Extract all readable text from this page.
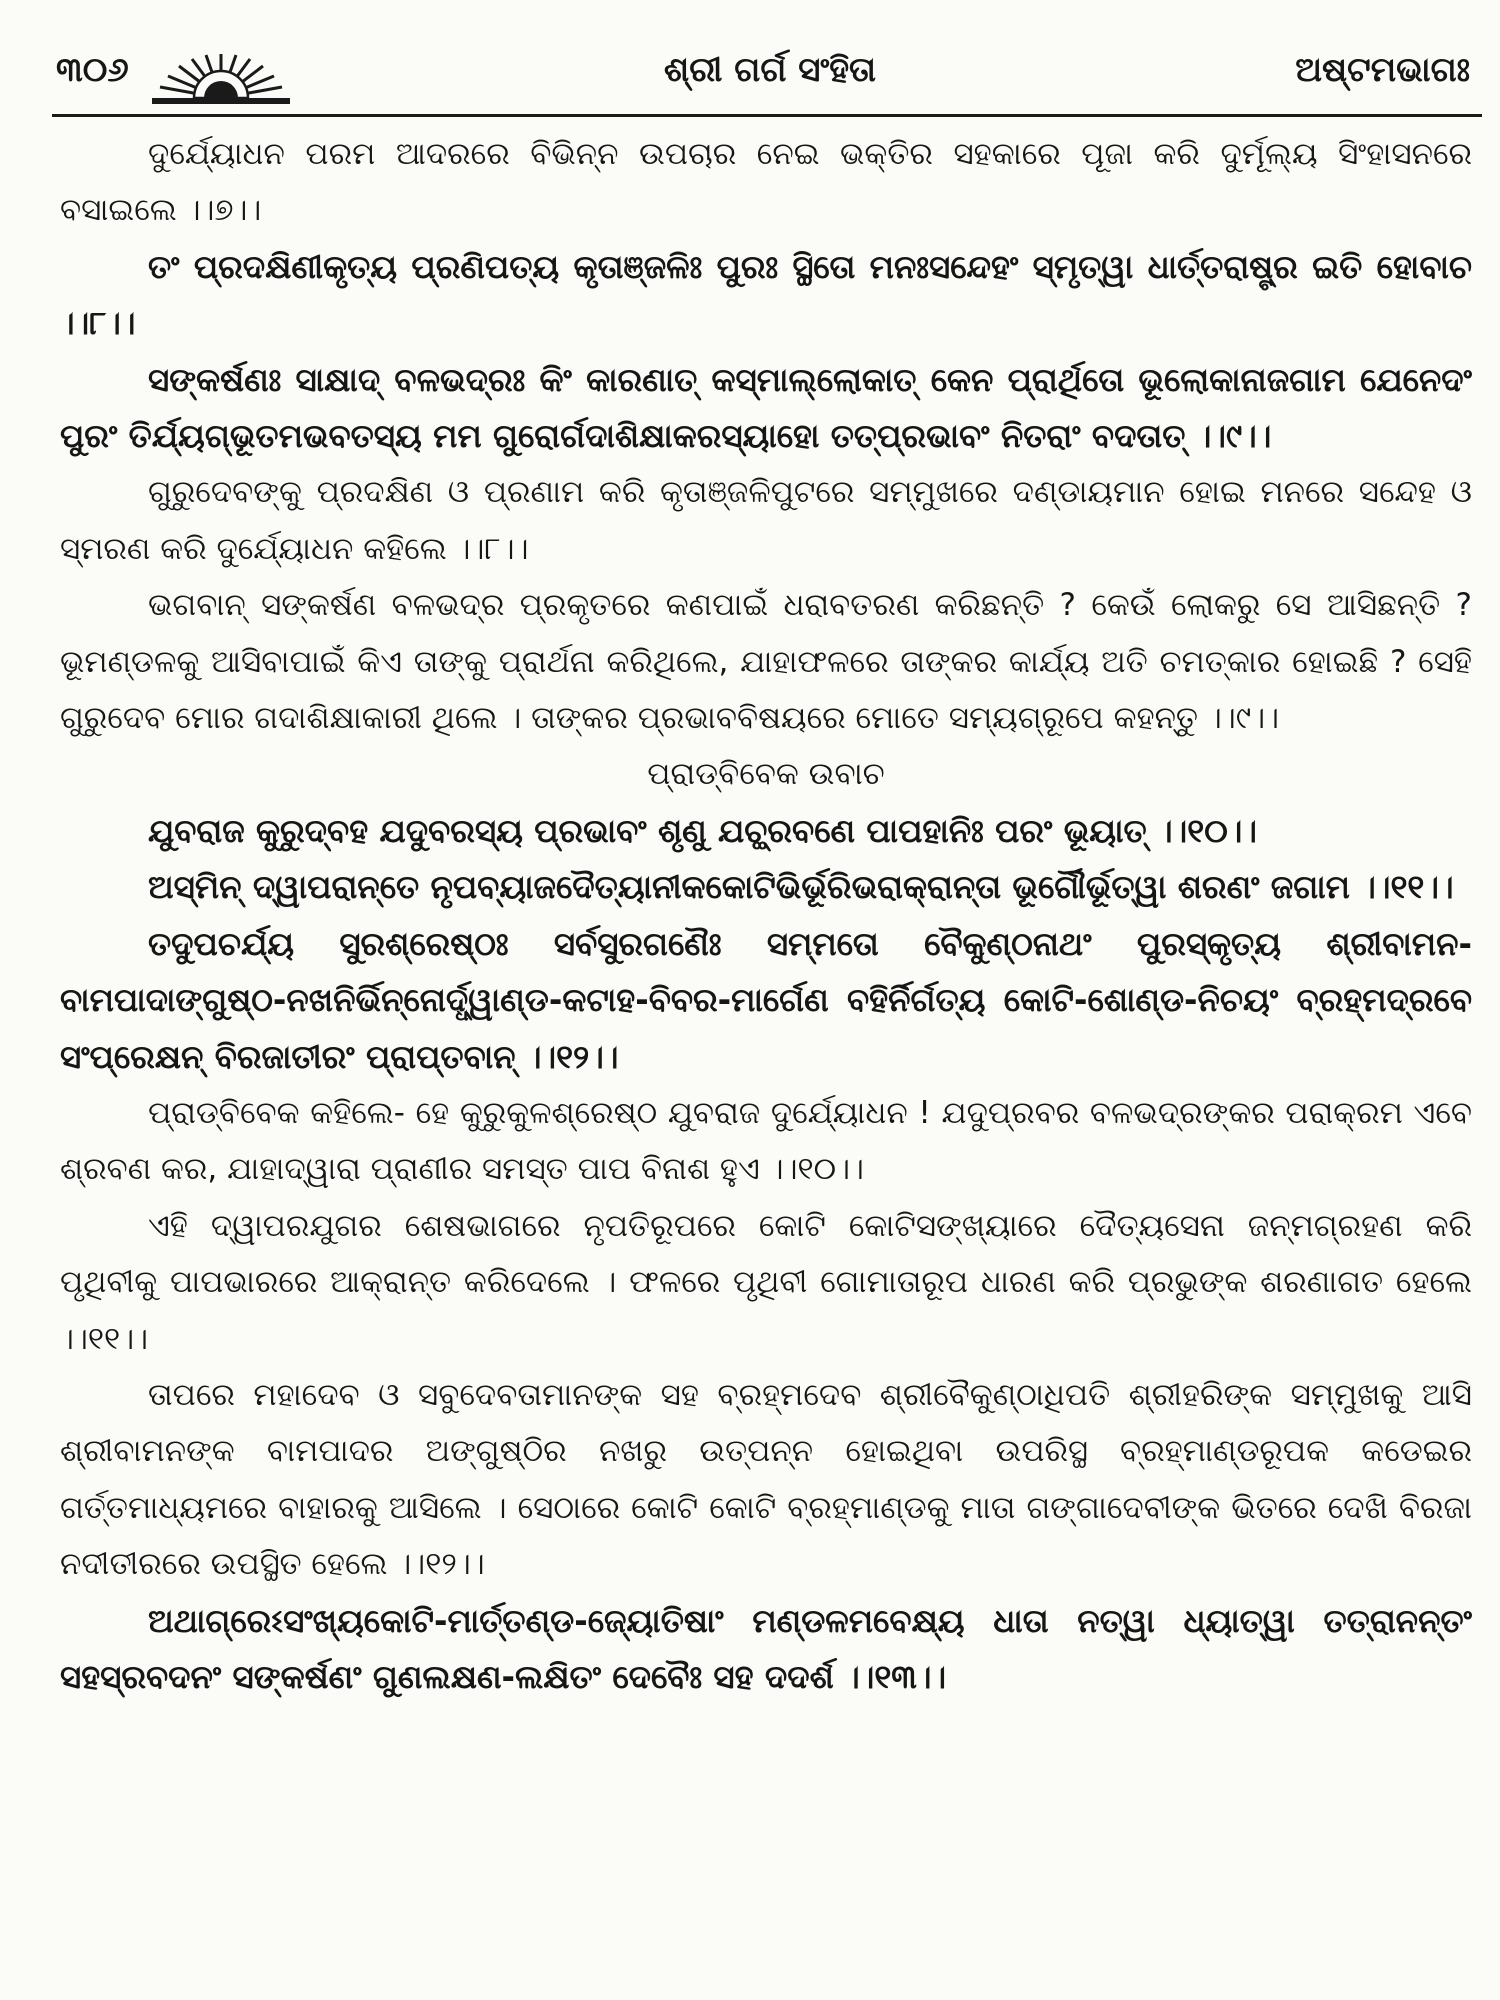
୩୦୬	ଶ୍ରୀ ଗର୍ଗ ସଂହିତା	ଅଷ୍ଟମଭାଗଃ

ଦୁର୍ଯ୍ୟୋଧନ ପରମ ଆଦରରେ ବିଭିନ୍ନ ଉପଚାର ନେଇ ଭକ୍ତିର ସହକାରେ ପୂଜା କରି ଦୁର୍ମୂଲ୍ୟ ସିଂହାସନରେ ବସାଇଲେ ।।୭।।

ତଂ ପ୍ରଦକ୍ଷିଣୀକୃତ୍ୟ ପ୍ରଣିପତ୍ୟ କୃତାଞ୍ଜଳିଃ ପୁରଃ ସ୍ଥିତୋ ମନଃସନ୍ଦେହଂ ସ୍ମୃତ୍ୱା ଧାର୍ତ୍ତରାଷ୍ଟ୍ର ଇତି ହୋବାଚ ।।୮।।

ସଙ୍କର୍ଷଣଃ ସାକ୍ଷାଦ୍ ବଳଭଦ୍ରଃ କିଂ କାରଣାତ୍ କସ୍ମାଲ୍ଲୋକାତ୍ କେନ ପ୍ରାର୍ଥିତୋ ଭୂଲୋକାନାଜଗାମ ଯେନେଦଂ ପୁରଂ ତିର୍ଯ୍ୟଗ୍‌ଭୂତମଭବତସ୍ୟ ମମ ଗୁରୋର୍ଗଦାଶିକ୍ଷାକରସ୍ୟାହୋ ତତ୍‌ପ୍ରଭାବଂ ନିତରାଂ ବଦତାତ୍ ।।୯।।

ଗୁରୁଦେବଙ୍କୁ ପ୍ରଦକ୍ଷିଣ ଓ ପ୍ରଣାମ କରି କୃତାଞ୍ଜଳିପୁଟରେ ସମ୍ମୁଖରେ ଦଣ୍ଡାୟମାନ ହୋଇ ମନରେ ସନ୍ଦେହ ଓ ସ୍ମରଣ କରି ଦୁର୍ଯ୍ୟୋଧନ କହିଲେ ।।୮।।

ଭଗବାନ୍ ସଙ୍କର୍ଷଣ ବଳଭଦ୍ର ପ୍ରକୃତରେ କଣପାଇଁ ଧରାବତରଣ କରିଛନ୍ତି ? କେଉଁ ଲୋକରୁ ସେ ଆସିଛନ୍ତି ? ଭୂମଣ୍ଡଳକୁ ଆସିବାପାଇଁ କିଏ ତାଙ୍କୁ ପ୍ରାର୍ଥନା କରିଥିଲେ, ଯାହାଫଳରେ ତାଙ୍କର କାର୍ଯ୍ୟ ଅତି ଚମତ୍କାର ହୋଇଛି ? ସେହି ଗୁରୁଦେବ ମୋର ଗଦାଶିକ୍ଷାକାରୀ ଥିଲେ । ତାଙ୍କର ପ୍ରଭାବବିଷୟରେ ମୋତେ ସମ୍ୟଗ୍ରୂପେ କହନ୍ତୁ ।।୯।।

ପ୍ରାଡ୍‌ବିବେକ ଉବାଚ

ଯୁବରାଜ କୁରୁଦ୍‌ବହ ଯଦୁବରସ୍ୟ ପ୍ରଭାବଂ ଶୃଣୁ ଯଚ୍ଛ୍ରବଣେ ପାପହାନିଃ ପରଂ ଭୂୟାତ୍ ।।୧୦।।

ଅସ୍ମିନ୍ ଦ୍ୱାପରାନ୍ତେ ନୃପବ୍ୟାଜଦୈତ୍ୟାନୀକକୋଟିଭିର୍ଭୂରିଭରାକ୍ରାନ୍ତା ଭୂର୍ଗୌର୍ଭୂତ୍ୱା ଶରଣଂ ଜଗାମ ।।୧୧।।

ତଦୁପଚର୍ଯ୍ୟ ସୁରଶ୍ରେଷ୍ଠଃ ସର୍ବସୁରଗଣୈଃ ସମ୍ମତୋ ବୈକୁଣ୍ଠନାଥଂ ପୁରସ୍କୃତ୍ୟ ଶ୍ରୀବାମନ-ବାମପାଦାଙ୍ଗୁଷ୍ଠ-ନଖନିର୍ଭିନ୍ନୋର୍ଦ୍ଧ୍ୱାଣ୍ଡ-କଟାହ-ବିବର-ମାର୍ଗେଣ ବହିର୍ନିର୍ଗତ୍ୟ କୋଟି-ଶୋଣ୍ଡ-ନିଚୟଂ ବ୍ରହ୍ମଦ୍ରବେ ସଂପ୍ରେକ୍ଷନ୍ ବିରଜାତୀରଂ ପ୍ରାପ୍ତବାନ୍ ।।୧୨।।

ପ୍ରାଡ୍‌ବିବେକ କହିଲେ- ହେ କୁରୁକୁଳଶ୍ରେଷ୍ଠ ଯୁବରାଜ ଦୁର୍ଯ୍ୟୋଧନ ! ଯଦୁପ୍ରବର ବଳଭଦ୍ରଙ୍କର ପରାକ୍ରମ ଏବେ ଶ୍ରବଣ କର, ଯାହାଦ୍ୱାରା ପ୍ରାଣୀର ସମସ୍ତ ପାପ ବିନାଶ ହୁଏ ।।୧୦।।

ଏହି ଦ୍ୱାପରଯୁଗର ଶେଷଭାଗରେ ନୃପତିରୂପରେ କୋଟି କୋଟିସଙ୍ଖ୍ୟାରେ ଦୈତ୍ୟସେନା ଜନ୍ମଗ୍ରହଣ କରି ପୃଥିବୀକୁ ପାପଭାରରେ ଆକ୍ରାନ୍ତ କରିଦେଲେ । ଫଳରେ ପୃଥିବୀ ଗୋମାତାରୂପ ଧାରଣ କରି ପ୍ରଭୁଙ୍କ ଶରଣାଗତ ହେଲେ ।।୧୧।।

ତାପରେ ମହାଦେବ ଓ ସବୁଦେବତାମାନଙ୍କ ସହ ବ୍ରହ୍ମଦେବ ଶ୍ରୀବୈକୁଣ୍ଠାଧିପତି ଶ୍ରୀହରିଙ୍କ ସମ୍ମୁଖକୁ ଆସି ଶ୍ରୀବାମନଙ୍କ ବାମପାଦର ଅଙ୍ଗୁଷ୍ଠିର ନଖରୁ ଉତ୍ପନ୍ନ ହୋଇଥିବା ଉପରିସ୍ଥ ବ୍ରହ୍ମାଣ୍ଡରୂପକ କଡେଇର ଗର୍ତ୍ତମାଧ୍ୟମରେ ବାହାରକୁ ଆସିଲେ । ସେଠାରେ କୋଟି କୋଟି ବ୍ରହ୍ମାଣ୍ଡକୁ ମାତା ଗଙ୍ଗାଦେବୀଙ୍କ ଭିତରେ ଦେଖି ବିରଜା ନଦୀତୀରରେ ଉପସ୍ଥିତ ହେଲେ ।।୧୨।।

ଅଥାଗ୍ରେଽସଂଖ୍ୟକୋଟି-ମାର୍ତ୍ତଣ୍ଡ-ଜ୍ୟୋତିଷାଂ ମଣ୍ଡଳମବେକ୍ଷ୍ୟ ଧାତା ନତ୍ୱା ଧ୍ୟାତ୍ୱା ତତ୍ରାନନ୍ତଂ ସହସ୍ରବଦନଂ ସଙ୍କର୍ଷଣଂ ଗୁଣଲକ୍ଷଣ-ଲକ୍ଷିତଂ ଦେବୈଃ ସହ ଦଦର୍ଶ ।।୧୩।।
